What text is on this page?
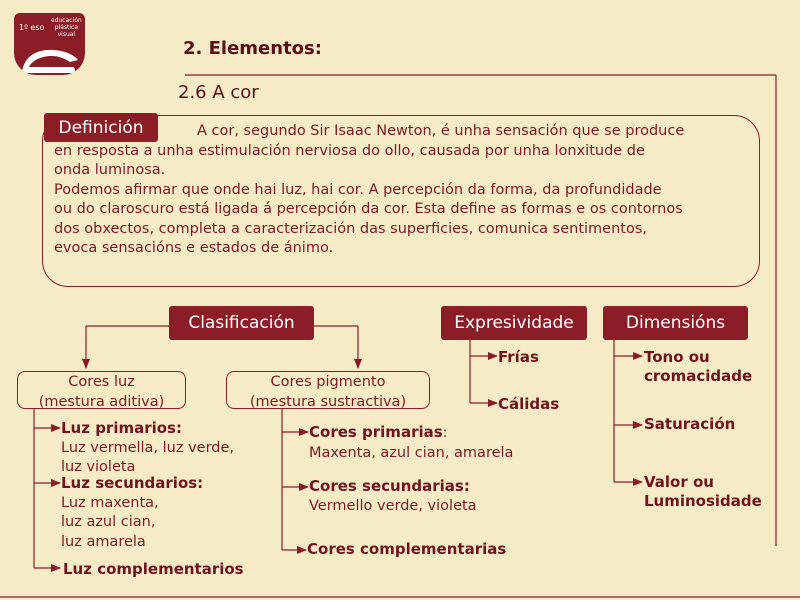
1º eso
educación
plástica
visual
2. Elementos:
2.6 A cor

A cor, segundo Sir Isaac Newton, é unha sensación que se produce

en resposta a unha estimulación nerviosa do ollo, causada por unha lonxitude de

onda luminosa.

Podemos afirmar que onde hai luz, hai cor. A percepción da forma, da profundidade

ou do claroscuro está ligada á percepción da cor. Esta define as formas e os contornos

dos obxectos, completa a caracterización das superficies, comunica sentimentos,

evoca sensacións e estados de ánimo.

Definición
Clasificación	Expresividade	Dimensións
Cores luz
(mestura aditiva)
Cores pigmento
(mestura sustractiva)
Luz primarios:
Luz vermella, luz verde,
luz violeta
Luz secundarios:
Luz maxenta,
luz azul cian,
luz amarela
Luz complementarios
Cores primarias:
Maxenta, azul cian, amarela
Cores secundarias:
Vermello verde, violeta
Cores complementarias
Frías
Cálidas
Tono ou
cromacidade
Saturación
Valor ou
Luminosidade
